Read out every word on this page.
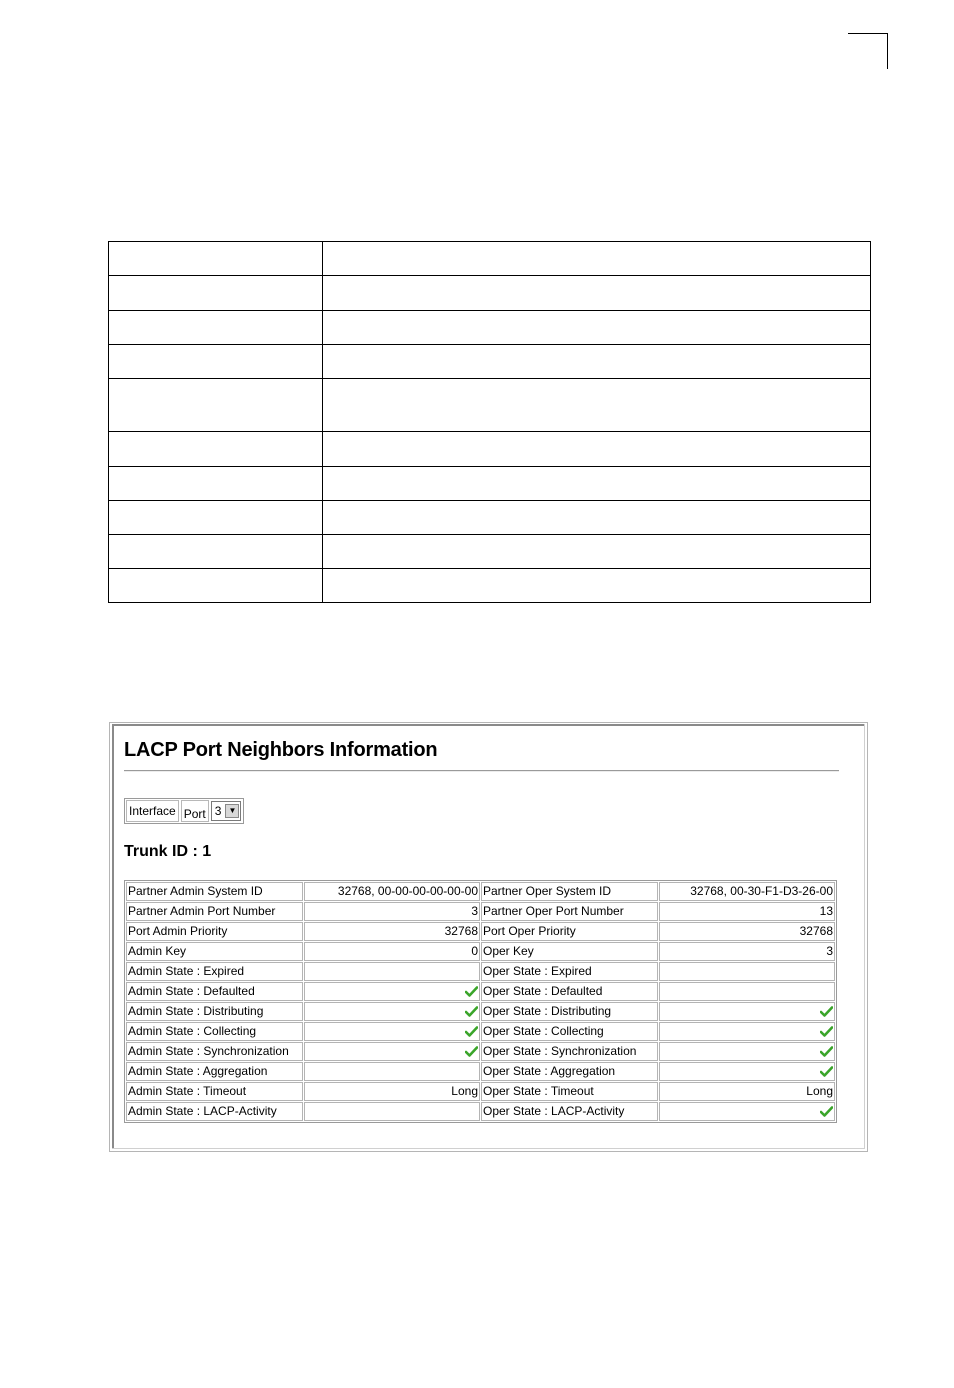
LACP Port Neighbors Information
Interface Port 3 ▼
Trunk ID : 1
Partner Admin System ID	32768, 00-00-00-00-00-00	Partner Oper System ID	32768, 00-30-F1-D3-26-00
Partner Admin Port Number	3	Partner Oper Port Number	13
Port Admin Priority	32768	Port Oper Priority	32768
Admin Key	0	Oper Key	3
Admin State : Expired		Oper State : Expired	
Admin State : Defaulted		Oper State : Defaulted	
Admin State : Distributing		Oper State : Distributing	
Admin State : Collecting		Oper State : Collecting	
Admin State : Synchronization		Oper State : Synchronization	
Admin State : Aggregation		Oper State : Aggregation	
Admin State : Timeout	Long	Oper State : Timeout	Long
Admin State : LACP-Activity		Oper State : LACP-Activity	
